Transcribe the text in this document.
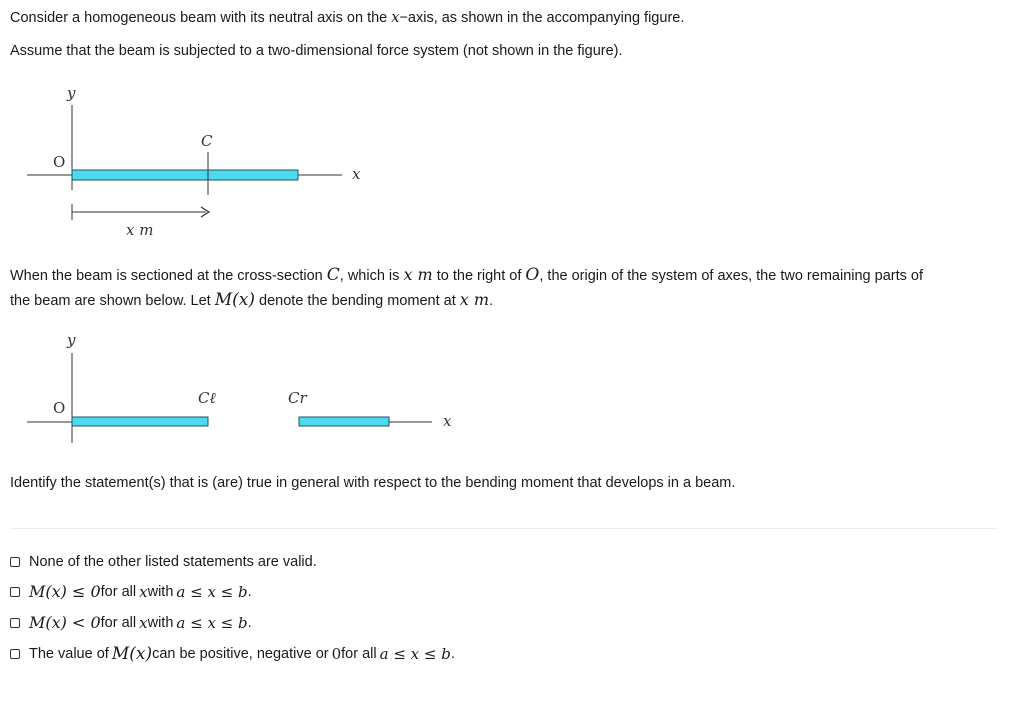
Consider a homogeneous beam with its neutral axis on the x−axis, as shown in the accompanying figure.
Assume that the beam is subjected to a two-dimensional force system (not shown in the figure).
y
O
C
x
x m
When the beam is sectioned at the cross-section C, which is x m to the right of O, the origin of the system of axes, the two remaining parts of
the beam are shown below. Let M(x) denote the bending moment at x m.
y
O
Cℓ	Cr
x
Identify the statement(s) that is (are) true in general with respect to the bending moment that develops in a beam.
None of the other listed statements are valid.
M(x) ≤ 0 for all x with a ≤ x ≤ b .
M(x) < 0 for all x with a ≤ x ≤ b .
The value of M(x) can be positive, negative or 0 for all a ≤ x ≤ b .
